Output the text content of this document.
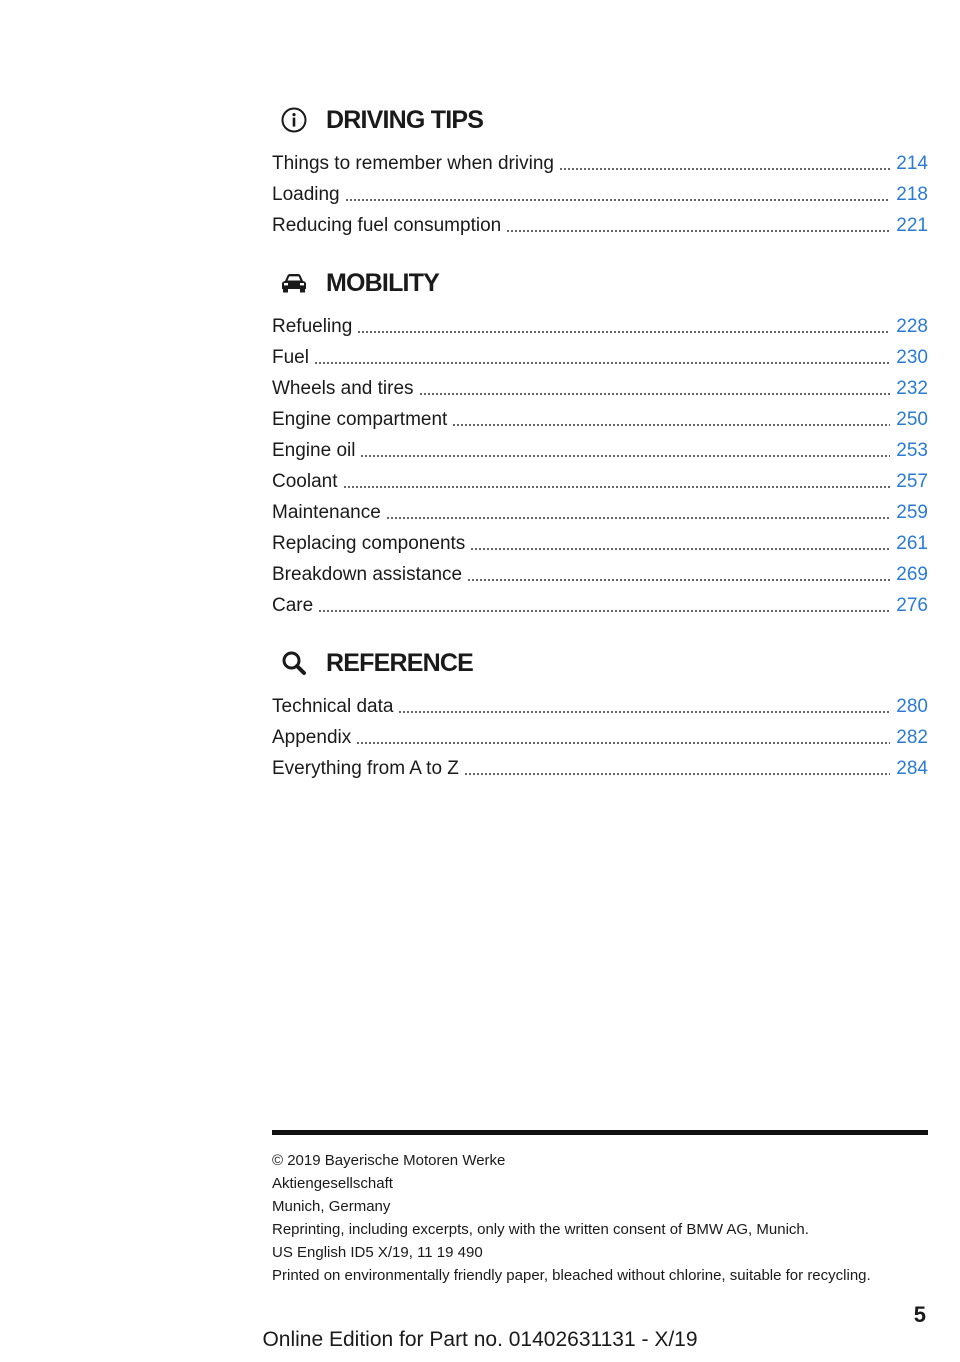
DRIVING TIPS
Things to remember when driving	214
Loading	218
Reducing fuel consumption	221
MOBILITY
Refueling	228
Fuel	230
Wheels and tires	232
Engine compartment	250
Engine oil	253
Coolant	257
Maintenance	259
Replacing components	261
Breakdown assistance	269
Care	276
REFERENCE
Technical data	280
Appendix	282
Everything from A to Z	284
© 2019 Bayerische Motoren Werke
Aktiengesellschaft
Munich, Germany
Reprinting, including excerpts, only with the written consent of BMW AG, Munich.
US English ID5 X/19, 11 19 490
Printed on environmentally friendly paper, bleached without chlorine, suitable for recycling.
5
Online Edition for Part no. 01402631131 - X/19
